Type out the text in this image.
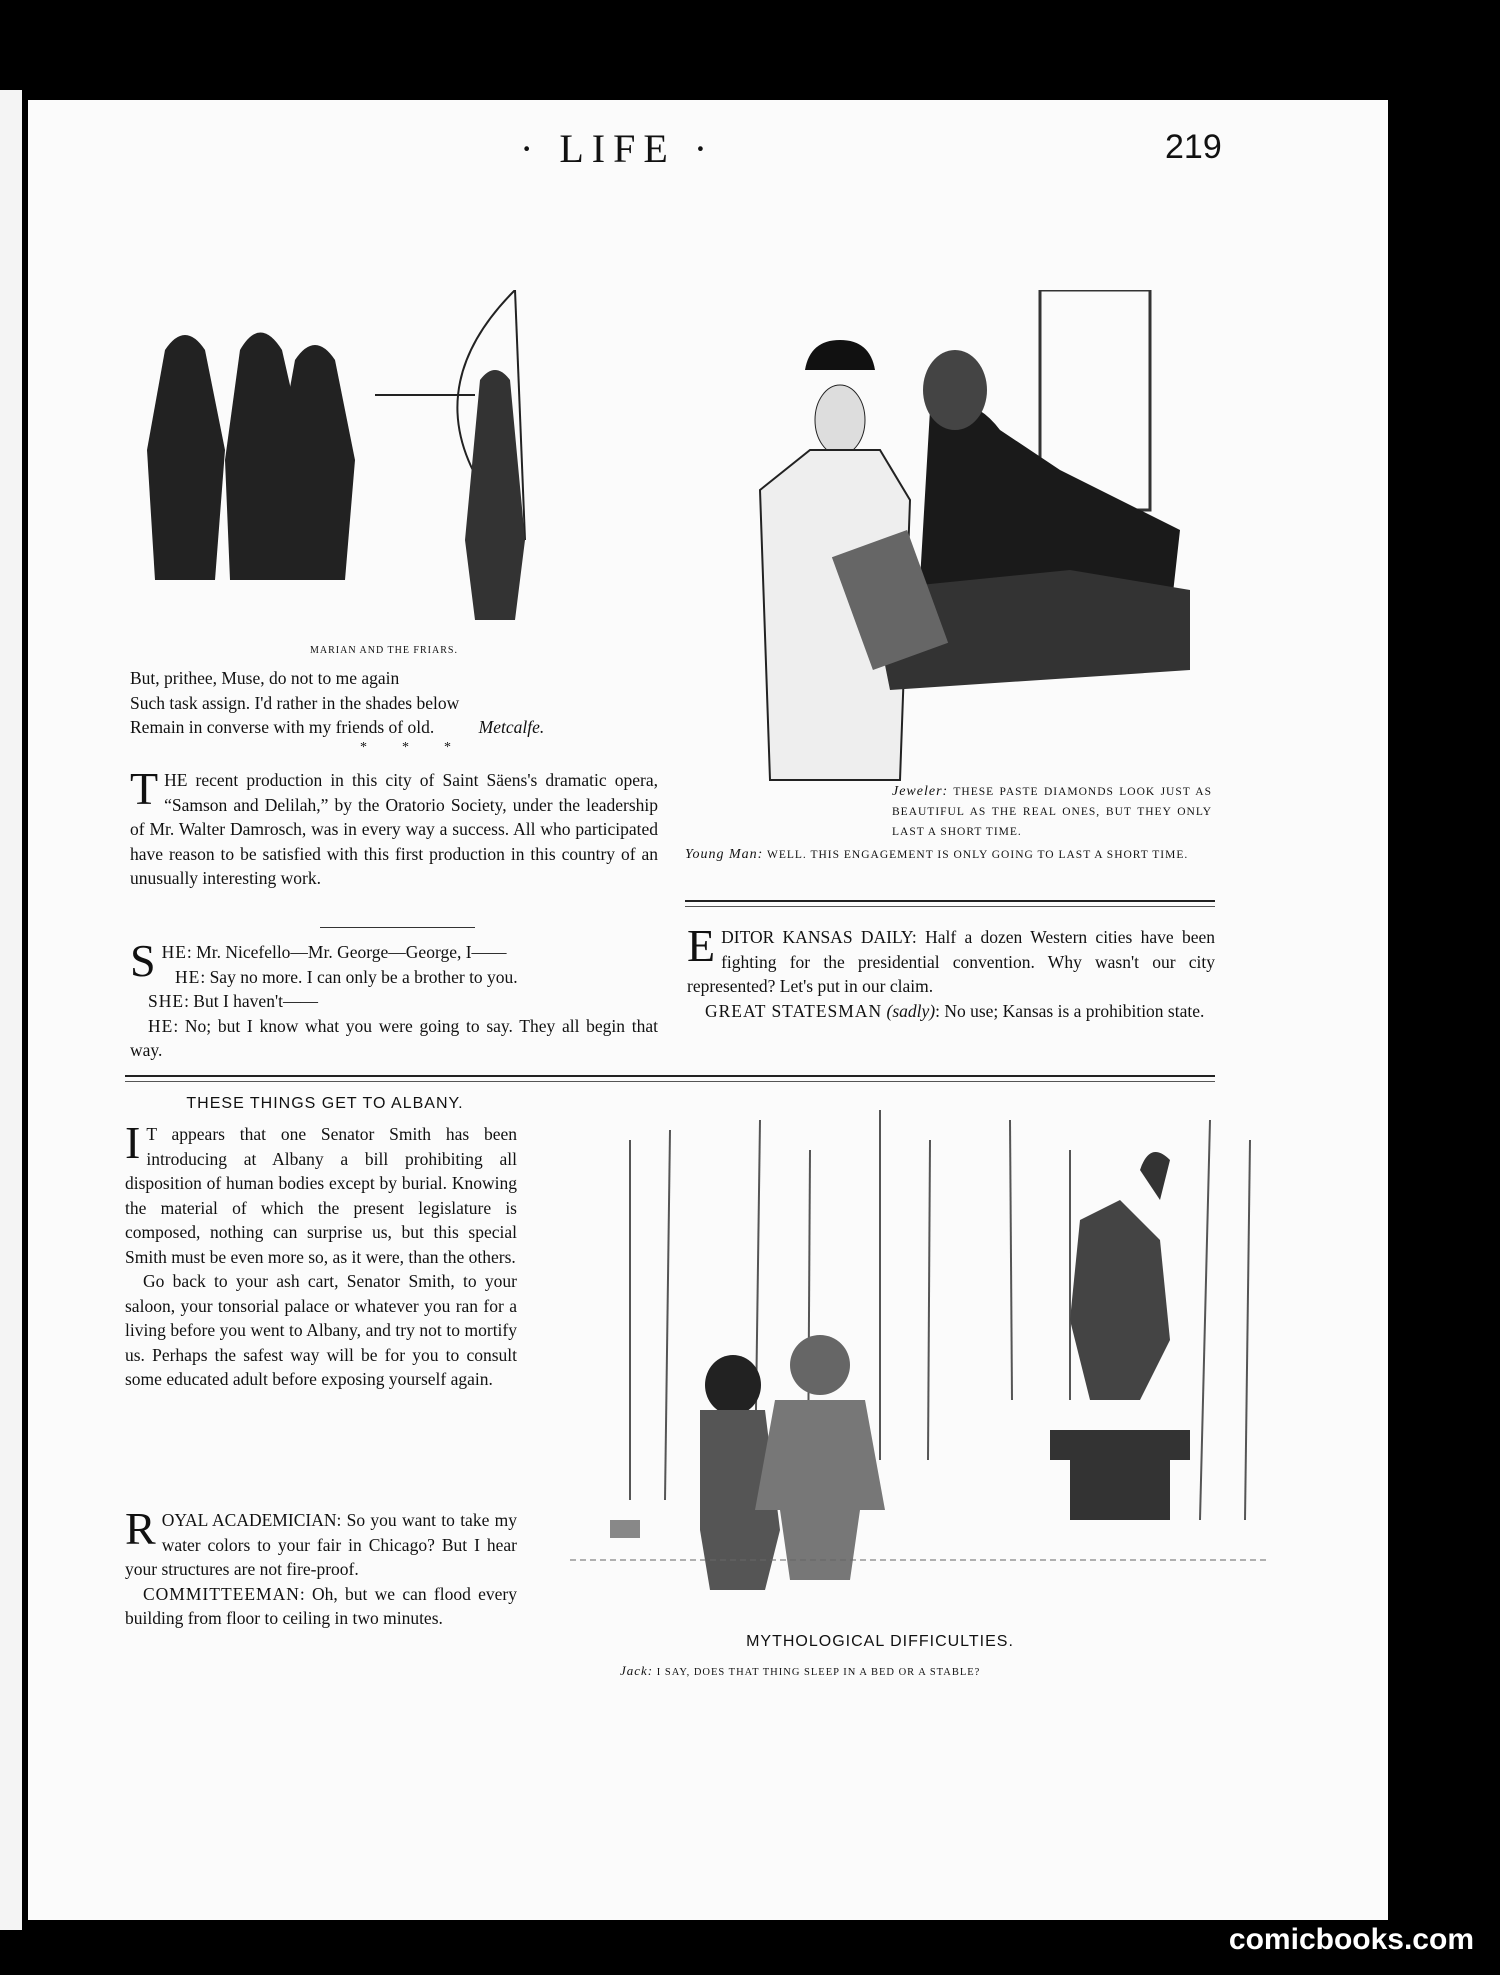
· LIFE ·	219
MARIAN AND THE FRIARS.

But, prithee, Muse, do not to me again

Such task assign. I'd rather in the shades below

Remain in converse with my friends of old.	Metcalfe.

*          *          *
THE recent production in this city of Saint Säens's dramatic opera, “Samson and Delilah,” by the Oratorio Society, under the leadership of Mr. Walter Damrosch, was in every way a success. All who participated have reason to be satisfied with this first production in this country of an unusually interesting work.

SHE: Mr. Nicefello—Mr. George—George, I——

HE: Say no more. I can only be a brother to you.

SHE: But I haven't——

HE: No; but I know what you were going to say. They all begin that way.

Jeweler: THESE PASTE DIAMONDS LOOK JUST AS BEAUTIFUL AS THE REAL ONES, BUT THEY ONLY LAST A SHORT TIME.
Young Man: WELL. THIS ENGAGEMENT IS ONLY GOING TO LAST A SHORT TIME.

EDITOR KANSAS DAILY: Half a dozen Western cities have been fighting for the presidential convention. Why wasn't our city represented? Let's put in our claim.

GREAT STATESMAN (sadly): No use; Kansas is a prohibition state.

THESE THINGS GET TO ALBANY.

I T appears that one Senator Smith has been introducing at Albany a bill prohibiting all disposition of human bodies except by burial. Knowing the material of which the present legislature is composed, nothing can surprise us, but this special Smith must be even more so, as it were, than the others.

Go back to your ash cart, Senator Smith, to your saloon, your tonsorial palace or whatever you ran for a living before you went to Albany, and try not to mortify us. Perhaps the safest way will be for you to consult some educated adult before exposing yourself again.

ROYAL ACADEMICIAN: So you want to take my water colors to your fair in Chicago? But I hear your structures are not fire-proof.

COMMITTEEMAN: Oh, but we can flood every building from floor to ceiling in two minutes.

MYTHOLOGICAL DIFFICULTIES.
Jack: I SAY, DOES THAT THING SLEEP IN A BED OR A STABLE?
comicbooks.com
